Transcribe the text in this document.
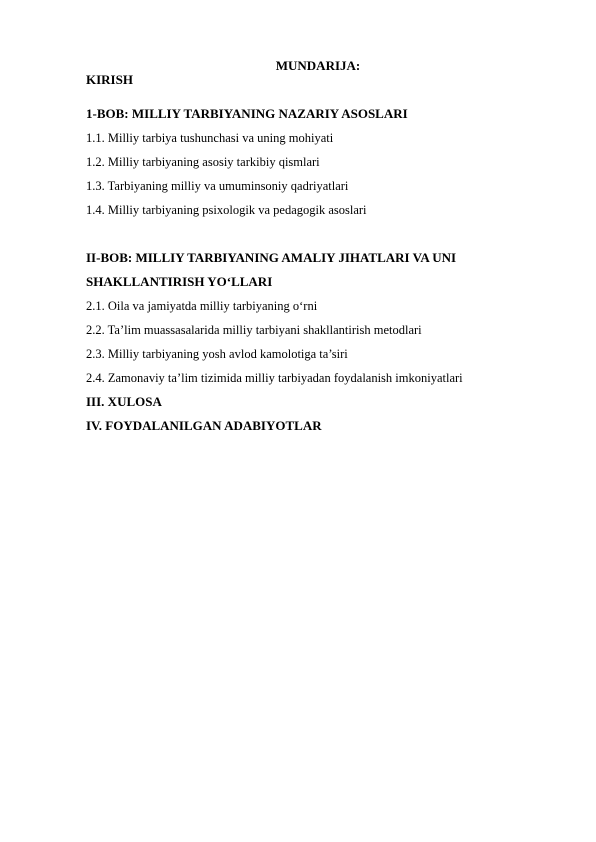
MUNDARIJA:
KIRISH
1-BOB: MILLIY TARBIYANING NAZARIY ASOSLARI
1.1. Milliy tarbiya tushunchasi va uning mohiyati
1.2. Milliy tarbiyaning asosiy tarkibiy qismlari
1.3. Tarbiyaning milliy va umuminsoniy qadriyatlari
1.4. Milliy tarbiyaning psixologik va pedagogik asoslari
II-BOB: MILLIY TARBIYANING AMALIY JIHATLARI VA UNI
SHAKLLANTIRISH YO‘LLARI
2.1. Oila va jamiyatda milliy tarbiyaning o‘rni
2.2. Ta’lim muassasalarida milliy tarbiyani shakllantirish metodlari
2.3. Milliy tarbiyaning yosh avlod kamolotiga ta’siri
2.4. Zamonaviy ta’lim tizimida milliy tarbiyadan foydalanish imkoniyatlari
III. XULOSA
IV. FOYDALANILGAN ADABIYOTLAR
